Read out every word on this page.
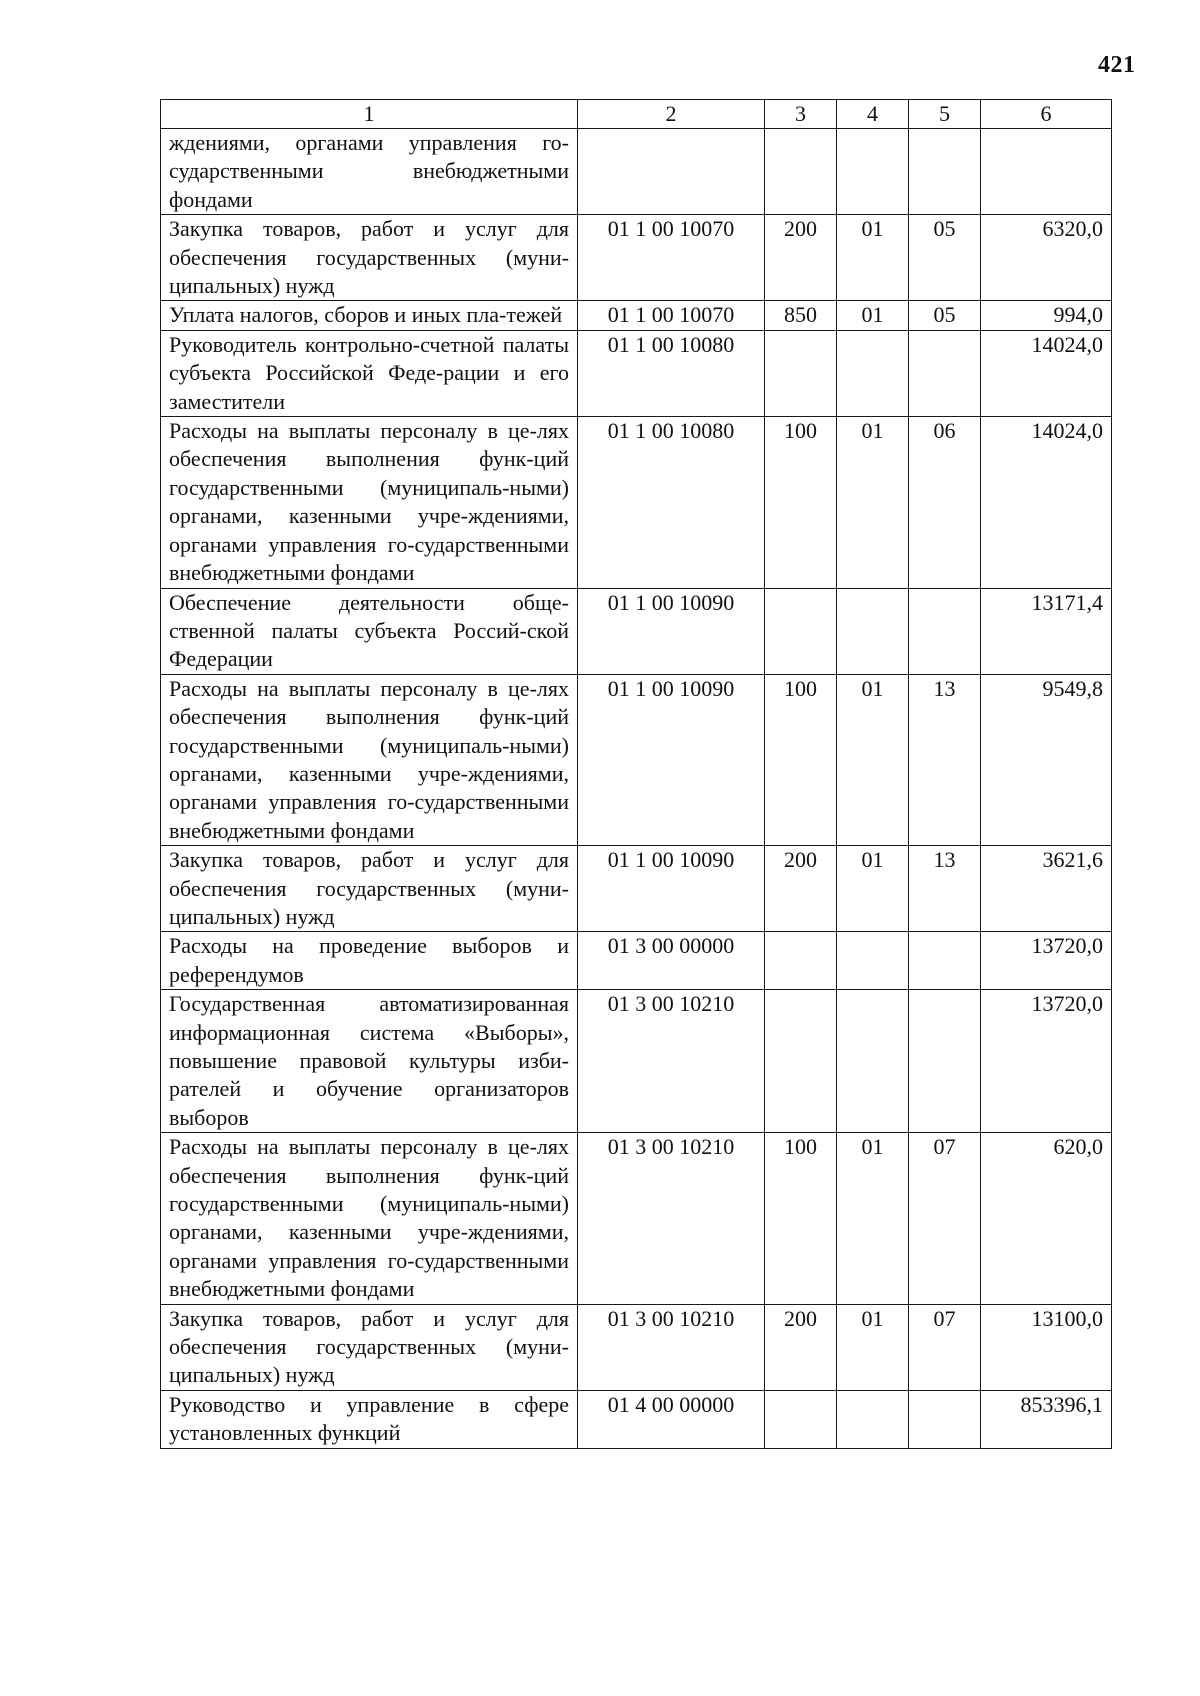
421
1	2	3	4	5	6
ждениями, органами управления го-сударственными внебюджетными фондами					
Закупка товаров, работ и услуг для обеспечения государственных (муни-ципальных) нужд	01 1 00 10070	200	01	05	6320,0
Уплата налогов, сборов и иных пла-тежей	01 1 00 10070	850	01	05	994,0
Руководитель контрольно-счетной палаты субъекта Российской Феде-рации и его заместители	01 1 00 10080				14024,0
Расходы на выплаты персоналу в це-лях обеспечения выполнения функ-ций государственными (муниципаль-ными) органами, казенными учре-ждениями, органами управления го-сударственными внебюджетными фондами	01 1 00 10080	100	01	06	14024,0
Обеспечение деятельности обще-ственной палаты субъекта Россий-ской Федерации	01 1 00 10090				13171,4
Расходы на выплаты персоналу в це-лях обеспечения выполнения функ-ций государственными (муниципаль-ными) органами, казенными учре-ждениями, органами управления го-сударственными внебюджетными фондами	01 1 00 10090	100	01	13	9549,8
Закупка товаров, работ и услуг для обеспечения государственных (муни-ципальных) нужд	01 1 00 10090	200	01	13	3621,6
Расходы на проведение выборов и референдумов	01 3 00 00000				13720,0
Государственная автоматизированная информационная система «Выборы», повышение правовой культуры изби-рателей и обучение организаторов выборов	01 3 00 10210				13720,0
Расходы на выплаты персоналу в це-лях обеспечения выполнения функ-ций государственными (муниципаль-ными) органами, казенными учре-ждениями, органами управления го-сударственными внебюджетными фондами	01 3 00 10210	100	01	07	620,0
Закупка товаров, работ и услуг для обеспечения государственных (муни-ципальных) нужд	01 3 00 10210	200	01	07	13100,0
Руководство и управление в сфере установленных функций	01 4 00 00000				853396,1
